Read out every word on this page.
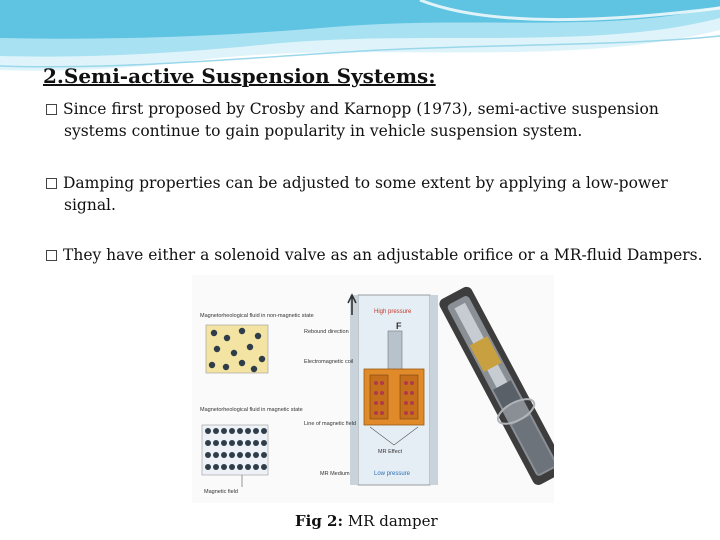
2.Semi-active Suspension Systems:
Since first proposed by Crosby and Karnopp (1973), semi-active suspension systems continue to gain popularity in vehicle suspension system.
Damping properties can be adjusted to some extent by applying a low-power signal.
They have either a solenoid valve as an adjustable orifice or a MR-fluid Dampers.
Magnetorheological fluid in non-magnetic state
Magnetorheological fluid in magnetic state
Magnetic field
High pressure
F
Rebound direction
Electromagnetic coil
Line of magnetic field
MR Effect
MR Medium	Low pressure
Fig 2: MR damper
